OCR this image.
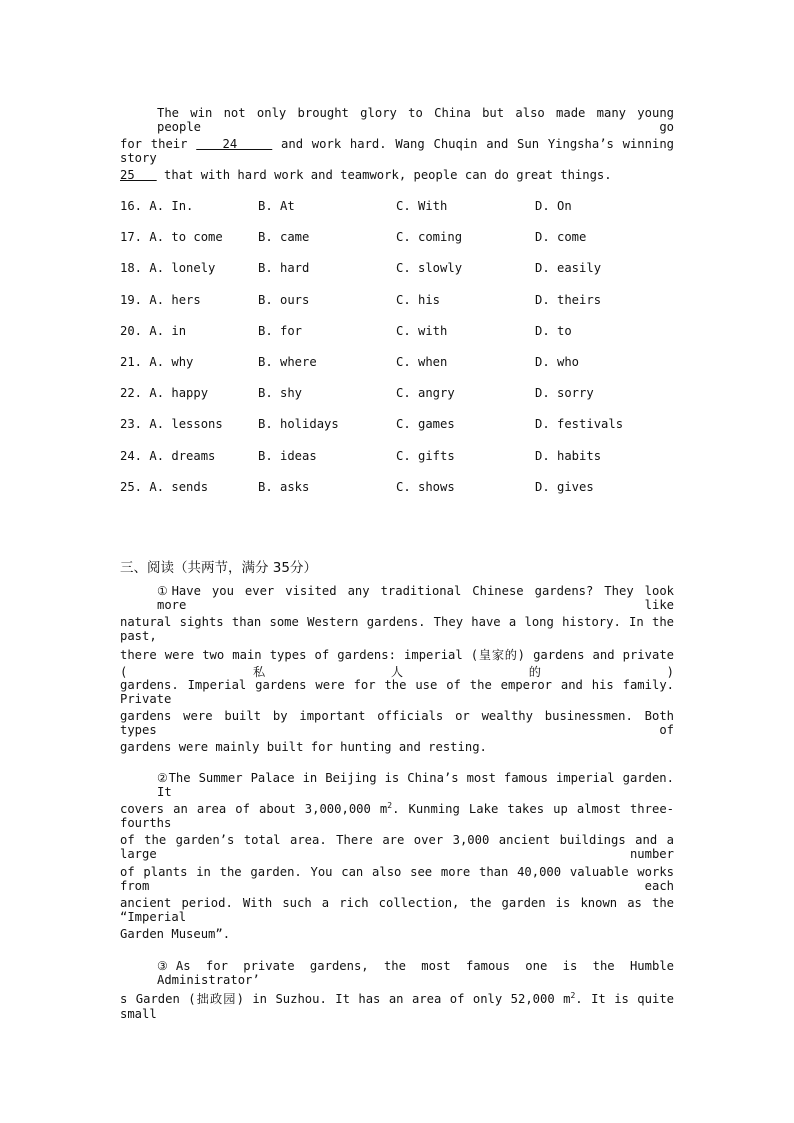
The win not only brought glory to China but also made many young people go
for their    24     and work hard. Wang Chuqin and Sun Yingsha’s winning story
25    that with hard work and teamwork, people can do great things.
16. A. In.	B. At	C. With	D. On
17. A. to come	B. came	C. coming	D. come
18. A. lonely	B. hard	C. slowly	D. easily
19. A. hers	B. ours	C. his	D. theirs
20. A. in	B. for	C. with	D. to
21. A. why	B. where	C. when	D. who
22. A. happy	B. shy	C. angry	D. sorry
23. A. lessons	B. holidays	C. games	D. festivals
24. A. dreams	B. ideas	C. gifts	D. habits
25. A. sends	B. asks	C. shows	D. gives
三、阅读（共两节，满分 35分）
①Have you ever visited any traditional Chinese gardens? They look more like
natural sights than some Western gardens. They have a long history. In the past,
there were two main types of gardens: imperial (皇家的) gardens and private (私人的)
gardens. Imperial gardens were for the use of the emperor and his family. Private
gardens were built by important officials or wealthy businessmen. Both types of
gardens were mainly built for hunting and resting.
②The Summer Palace in Beijing is China’s most famous imperial garden. It
covers an area of about 3,000,000 $m^2$. Kunming Lake takes up almost three-fourths
of the garden’s total area. There are over 3,000 ancient buildings and a large number
of plants in the garden. You can also see more than 40,000 valuable works from each
ancient period. With such a rich collection, the garden is known as the “Imperial
Garden Museum”.
③As for private gardens, the most famous one is the Humble Administrator’
s Garden (拙政园) in Suzhou. It has an area of only 52,000 $m^2$. It is quite small
